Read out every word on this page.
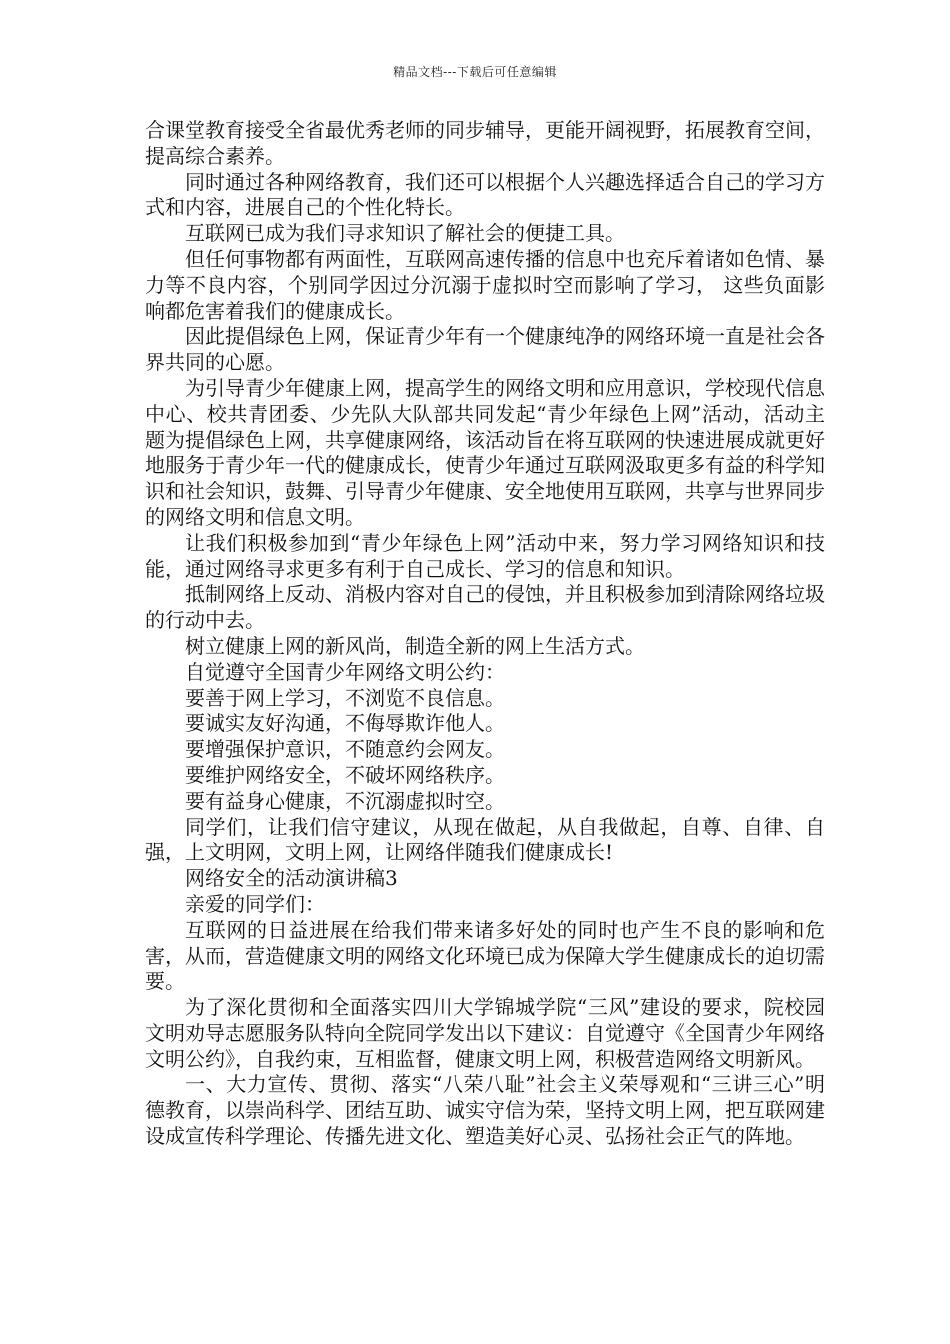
精品文档---下载后可任意编辑

合课堂教育接受全省最优秀老师的同步辅导，更能开阔视野，拓展教育空间，提高综合素养。

同时通过各种网络教育，我们还可以根据个人兴趣选择适合自己的学习方式和内容，进展自己的个性化特长。

互联网已成为我们寻求知识了解社会的便捷工具。

但任何事物都有两面性，互联网高速传播的信息中也充斥着诸如色情、暴力等不良内容，个别同学因过分沉溺于虚拟时空而影响了学习， 这些负面影响都危害着我们的健康成长。

因此提倡绿色上网，保证青少年有一个健康纯净的网络环境一直是社会各界共同的心愿。

为引导青少年健康上网，提高学生的网络文明和应用意识，学校现代信息中心、校共青团委、少先队大队部共同发起“青少年绿色上网”活动，活动主题为提倡绿色上网，共享健康网络，该活动旨在将互联网的快速进展成就更好地服务于青少年一代的健康成长，使青少年通过互联网汲取更多有益的科学知识和社会知识，鼓舞、引导青少年健康、安全地使用互联网，共享与世界同步的网络文明和信息文明。

让我们积极参加到“青少年绿色上网”活动中来，努力学习网络知识和技能，通过网络寻求更多有利于自己成长、学习的信息和知识。

抵制网络上反动、消极内容对自己的侵蚀，并且积极参加到清除网络垃圾的行动中去。

树立健康上网的新风尚，制造全新的网上生活方式。

自觉遵守全国青少年网络文明公约：

要善于网上学习，不浏览不良信息。

要诚实友好沟通，不侮辱欺诈他人。

要增强保护意识，不随意约会网友。

要维护网络安全，不破坏网络秩序。

要有益身心健康，不沉溺虚拟时空。

同学们，让我们信守建议，从现在做起，从自我做起，自尊、自律、自强，上文明网，文明上网，让网络伴随我们健康成长!

网络安全的活动演讲稿3

亲爱的同学们：

互联网的日益进展在给我们带来诸多好处的同时也产生不良的影响和危害，从而，营造健康文明的网络文化环境已成为保障大学生健康成长的迫切需要。

为了深化贯彻和全面落实四川大学锦城学院“三风”建设的要求，院校园文明劝导志愿服务队特向全院同学发出以下建议：自觉遵守《全国青少年网络文明公约》，自我约束，互相监督，健康文明上网，积极营造网络文明新风。

一、大力宣传、贯彻、落实“八荣八耻”社会主义荣辱观和“三讲三心”明德教育，以崇尚科学、团结互助、诚实守信为荣，坚持文明上网，把互联网建设成宣传科学理论、传播先进文化、塑造美好心灵、弘扬社会正气的阵地。
